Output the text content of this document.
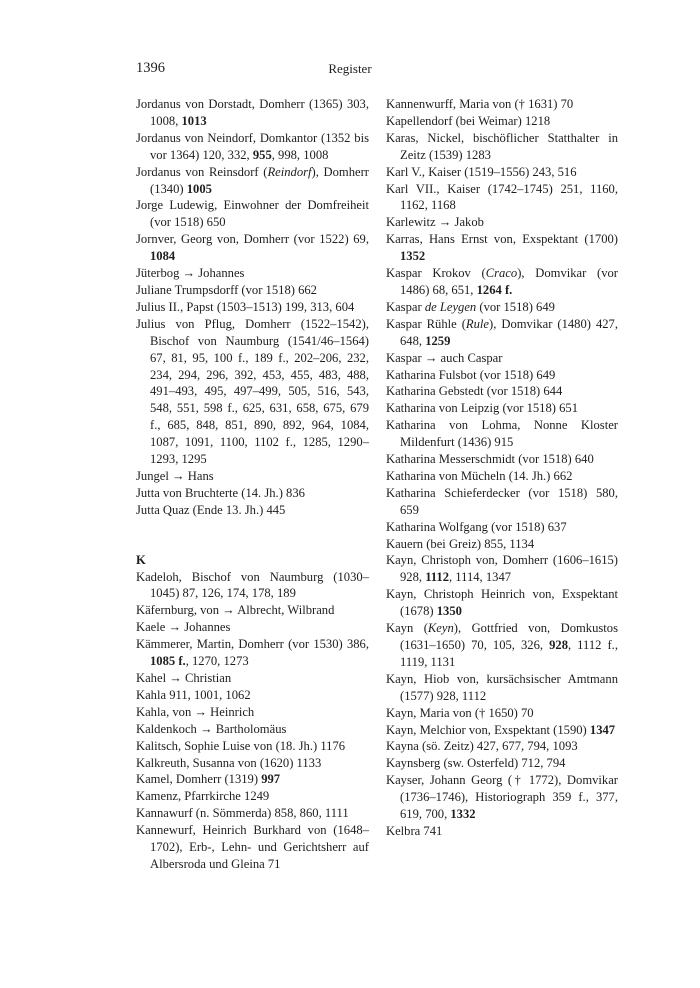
1396	Register
Jordanus von Dorstadt, Domherr (1365) 303, 1008, 1013
Jordanus von Neindorf, Domkantor (1352 bis vor 1364) 120, 332, 955, 998, 1008
Jordanus von Reinsdorf (Reindorf), Domherr (1340) 1005
Jorge Ludewig, Einwohner der Domfreiheit (vor 1518) 650
Jornver, Georg von, Domherr (vor 1522) 69, 1084
Jüterbog → Johannes
Juliane Trumpsdorff (vor 1518) 662
Julius II., Papst (1503–1513) 199, 313, 604
Julius von Pflug, Domherr (1522–1542), Bischof von Naumburg (1541/46–1564) 67, 81, 95, 100 f., 189 f., 202–206, 232, 234, 294, 296, 392, 453, 455, 483, 488, 491–493, 495, 497–499, 505, 516, 543, 548, 551, 598 f., 625, 631, 658, 675, 679 f., 685, 848, 851, 890, 892, 964, 1084, 1087, 1091, 1100, 1102 f., 1285, 1290–1293, 1295
Jungel → Hans
Jutta von Bruchterte (14. Jh.) 836
Jutta Quaz (Ende 13. Jh.) 445
K
Kadeloh, Bischof von Naumburg (1030–1045) 87, 126, 174, 178, 189
Käfernburg, von → Albrecht, Wilbrand
Kaele → Johannes
Kämmerer, Martin, Domherr (vor 1530) 386, 1085 f., 1270, 1273
Kahel → Christian
Kahla 911, 1001, 1062
Kahla, von → Heinrich
Kaldenkoch → Bartholomäus
Kalitsch, Sophie Luise von (18. Jh.) 1176
Kalkreuth, Susanna von (1620) 1133
Kamel, Domherr (1319) 997
Kamenz, Pfarrkirche 1249
Kannawurf (n. Sömmerda) 858, 860, 1111
Kannewurf, Heinrich Burkhard von (1648–1702), Erb-, Lehn- und Gerichtsherr auf Albersroda und Gleina 71
Kannenwurff, Maria von († 1631) 70
Kapellendorf (bei Weimar) 1218
Karas, Nickel, bischöflicher Statthalter in Zeitz (1539) 1283
Karl V., Kaiser (1519–1556) 243, 516
Karl VII., Kaiser (1742–1745) 251, 1160, 1162, 1168
Karlewitz → Jakob
Karras, Hans Ernst von, Exspektant (1700) 1352
Kaspar Krokov (Craco), Domvikar (vor 1486) 68, 651, 1264 f.
Kaspar de Leygen (vor 1518) 649
Kaspar Rühle (Rule), Domvikar (1480) 427, 648, 1259
Kaspar → auch Caspar
Katharina Fulsbot (vor 1518) 649
Katharina Gebstedt (vor 1518) 644
Katharina von Leipzig (vor 1518) 651
Katharina von Lohma, Nonne Kloster Mildenfurt (1436) 915
Katharina Messerschmidt (vor 1518) 640
Katharina von Mücheln (14. Jh.) 662
Katharina Schieferdecker (vor 1518) 580, 659
Katharina Wolfgang (vor 1518) 637
Kauern (bei Greiz) 855, 1134
Kayn, Christoph von, Domherr (1606–1615) 928, 1112, 1114, 1347
Kayn, Christoph Heinrich von, Exspektant (1678) 1350
Kayn (Keyn), Gottfried von, Domkustos (1631–1650) 70, 105, 326, 928, 1112 f., 1119, 1131
Kayn, Hiob von, kursächsischer Amtmann (1577) 928, 1112
Kayn, Maria von († 1650) 70
Kayn, Melchior von, Exspektant (1590) 1347
Kayna (sö. Zeitz) 427, 677, 794, 1093
Kaynsberg (sw. Osterfeld) 712, 794
Kayser, Johann Georg († 1772), Domvikar (1736–1746), Historiograph 359 f., 377, 619, 700, 1332
Kelbra 741
